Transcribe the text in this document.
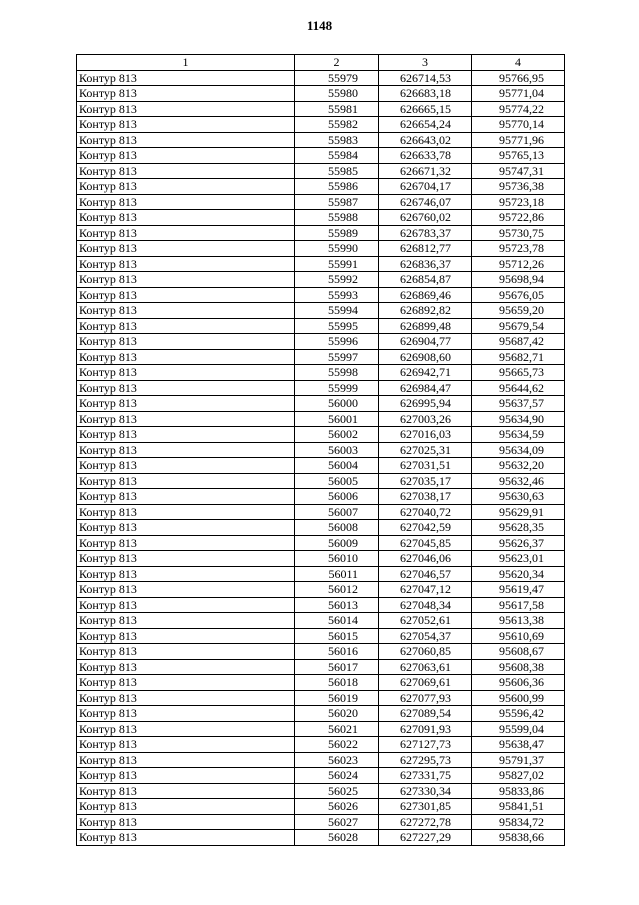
1148
1	2	3	4
Контур 813	55979	626714,53	95766,95
Контур 813	55980	626683,18	95771,04
Контур 813	55981	626665,15	95774,22
Контур 813	55982	626654,24	95770,14
Контур 813	55983	626643,02	95771,96
Контур 813	55984	626633,78	95765,13
Контур 813	55985	626671,32	95747,31
Контур 813	55986	626704,17	95736,38
Контур 813	55987	626746,07	95723,18
Контур 813	55988	626760,02	95722,86
Контур 813	55989	626783,37	95730,75
Контур 813	55990	626812,77	95723,78
Контур 813	55991	626836,37	95712,26
Контур 813	55992	626854,87	95698,94
Контур 813	55993	626869,46	95676,05
Контур 813	55994	626892,82	95659,20
Контур 813	55995	626899,48	95679,54
Контур 813	55996	626904,77	95687,42
Контур 813	55997	626908,60	95682,71
Контур 813	55998	626942,71	95665,73
Контур 813	55999	626984,47	95644,62
Контур 813	56000	626995,94	95637,57
Контур 813	56001	627003,26	95634,90
Контур 813	56002	627016,03	95634,59
Контур 813	56003	627025,31	95634,09
Контур 813	56004	627031,51	95632,20
Контур 813	56005	627035,17	95632,46
Контур 813	56006	627038,17	95630,63
Контур 813	56007	627040,72	95629,91
Контур 813	56008	627042,59	95628,35
Контур 813	56009	627045,85	95626,37
Контур 813	56010	627046,06	95623,01
Контур 813	56011	627046,57	95620,34
Контур 813	56012	627047,12	95619,47
Контур 813	56013	627048,34	95617,58
Контур 813	56014	627052,61	95613,38
Контур 813	56015	627054,37	95610,69
Контур 813	56016	627060,85	95608,67
Контур 813	56017	627063,61	95608,38
Контур 813	56018	627069,61	95606,36
Контур 813	56019	627077,93	95600,99
Контур 813	56020	627089,54	95596,42
Контур 813	56021	627091,93	95599,04
Контур 813	56022	627127,73	95638,47
Контур 813	56023	627295,73	95791,37
Контур 813	56024	627331,75	95827,02
Контур 813	56025	627330,34	95833,86
Контур 813	56026	627301,85	95841,51
Контур 813	56027	627272,78	95834,72
Контур 813	56028	627227,29	95838,66
